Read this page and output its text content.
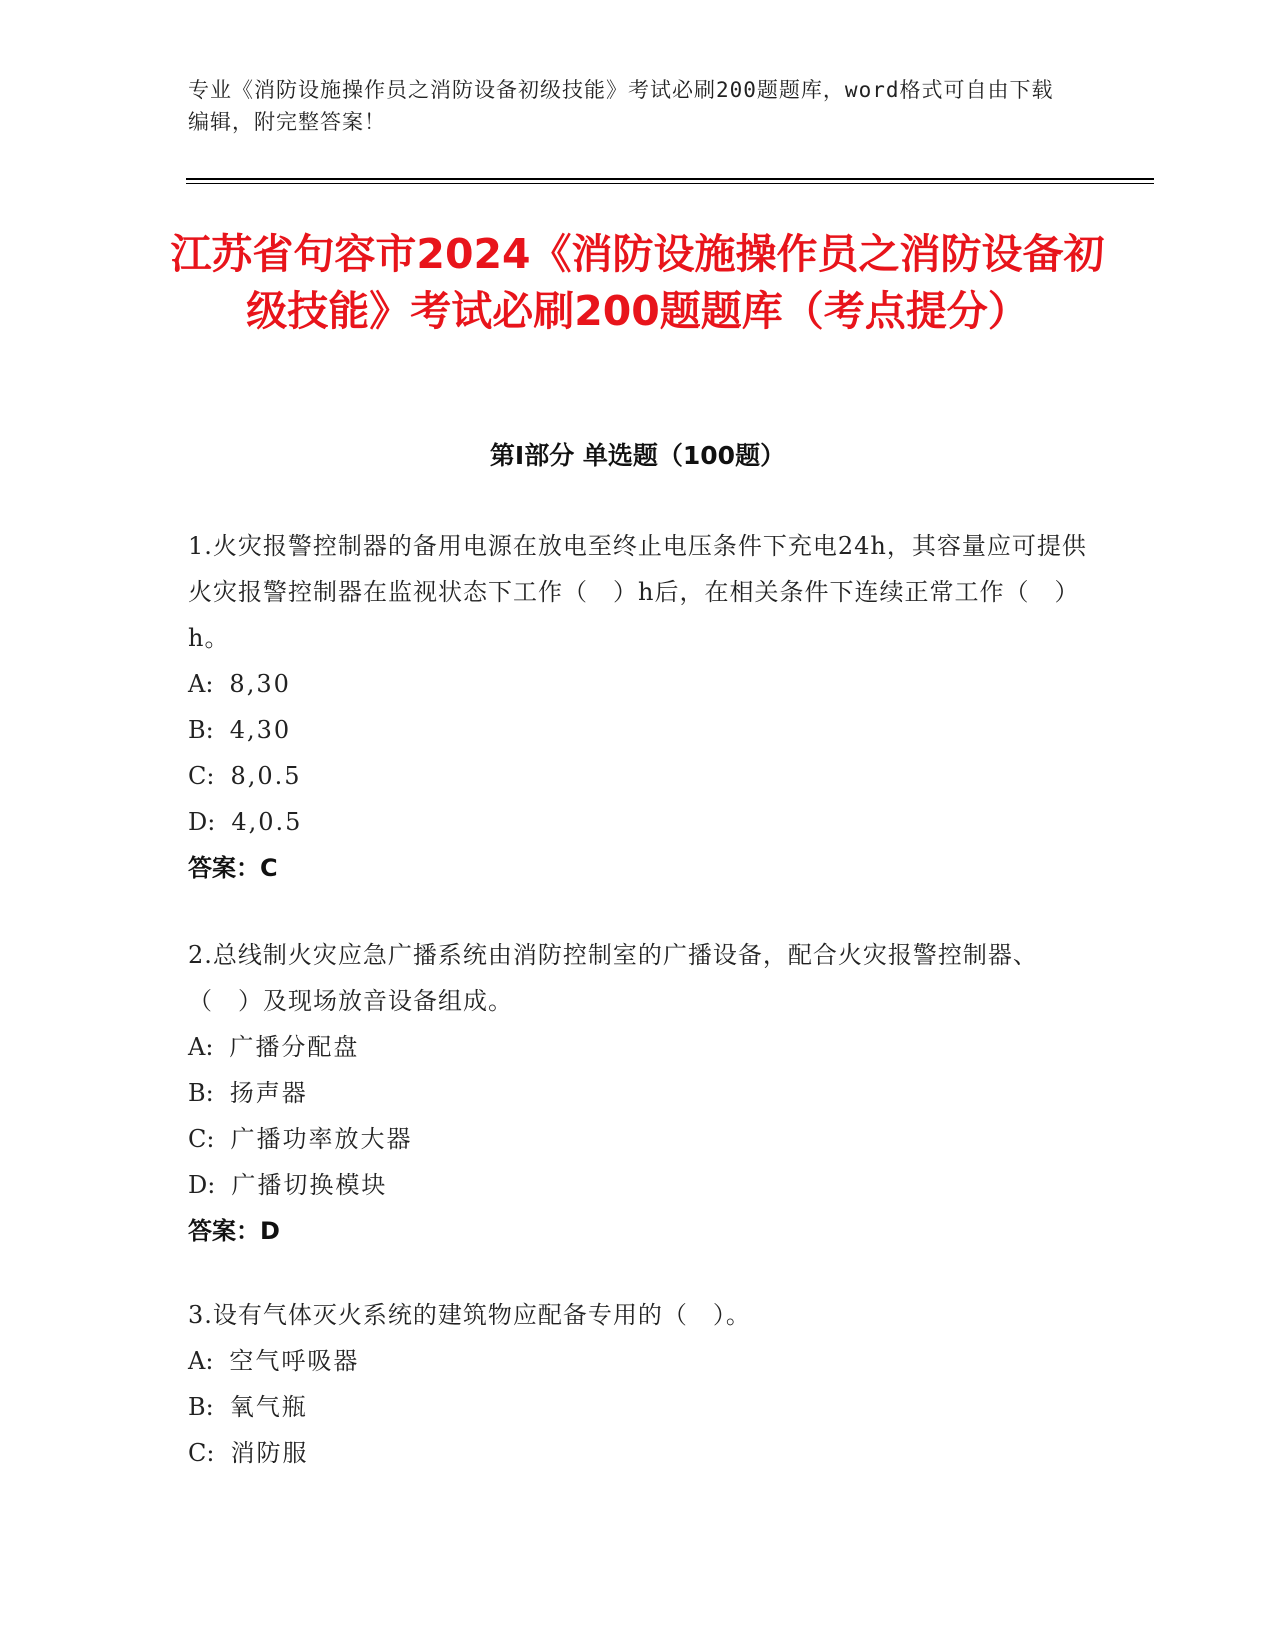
专业《消防设施操作员之消防设备初级技能》考试必刷200题题库，word格式可自由下载编辑，附完整答案！
江苏省句容市2024《消防设施操作员之消防设备初级技能》考试必刷200题题库（考点提分）
第I部分 单选题（100题）
1.火灾报警控制器的备用电源在放电至终止电压条件下充电24h，其容量应可提供火灾报警控制器在监视状态下工作（　）h后，在相关条件下连续正常工作（　）h。
A: 8,30
B: 4,30
C: 8,0.5
D: 4,0.5
答案：C
2.总线制火灾应急广播系统由消防控制室的广播设备，配合火灾报警控制器、（　）及现场放音设备组成。
A: 广播分配盘
B: 扬声器
C: 广播功率放大器
D: 广播切换模块
答案：D
3.设有气体灭火系统的建筑物应配备专用的（　）。
A: 空气呼吸器
B: 氧气瓶
C: 消防服
